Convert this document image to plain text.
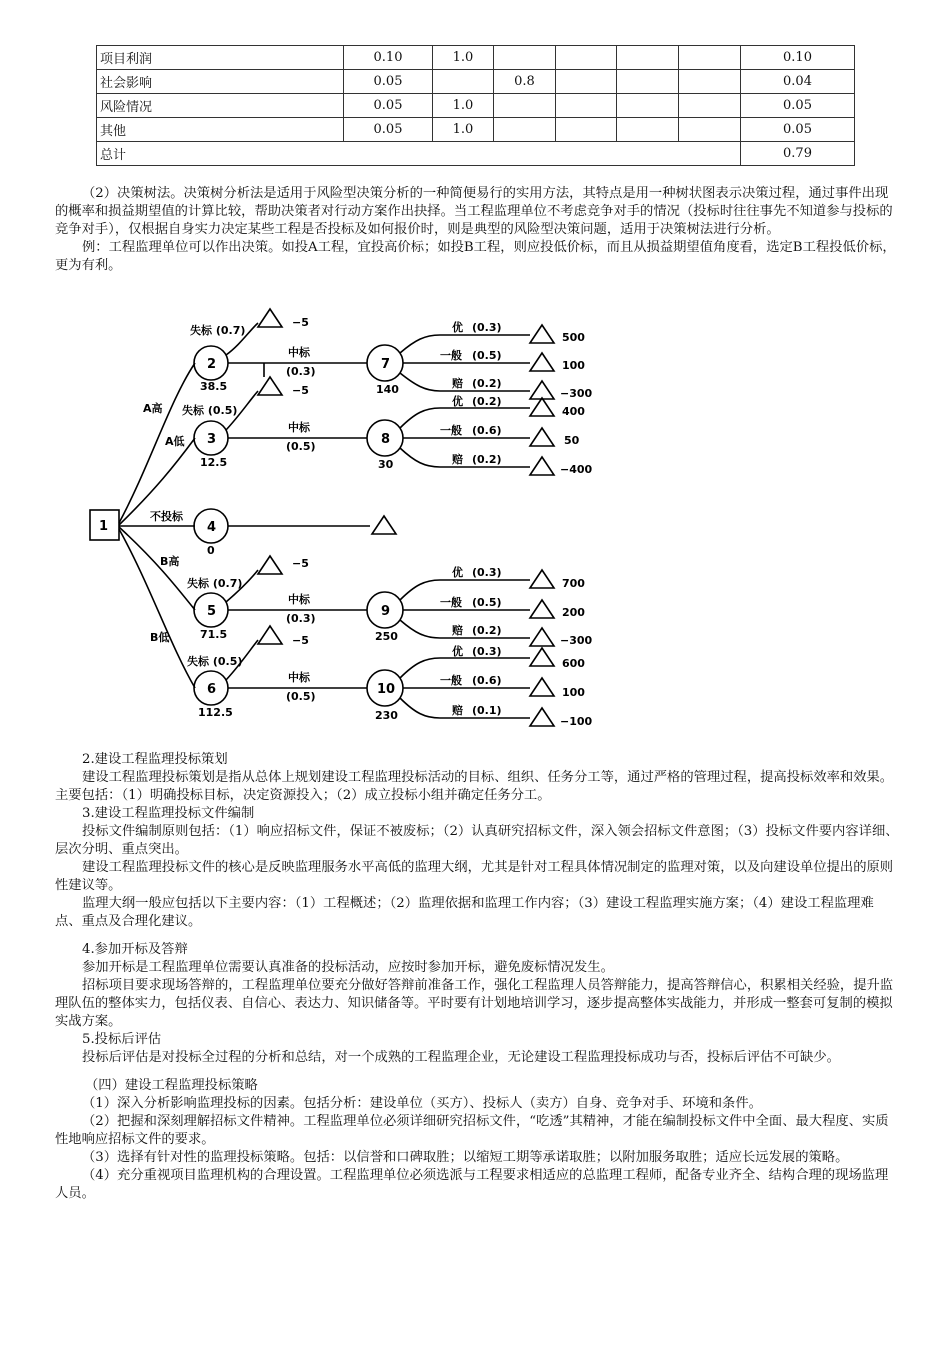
项目利润	0.10	1.0					0.10
社会影响	0.05		0.8				0.04
风险情况	0.05	1.0					0.05
其他	0.05	1.0					0.05
总计							0.79

（2）决策树法。决策树分析法是适用于风险型决策分析的一种简便易行的实用方法，其特点是用一种树状图表示决策过程，通过事件出现的概率和损益期望值的计算比较，帮助决策者对行动方案作出抉择。当工程监理单位不考虑竞争对手的情况（投标时往往事先不知道参与投标的竞争对手），仅根据自身实力决定某些工程是否投标及如何报价时，则是典型的风险型决策问题，适用于决策树法进行分析。

例：工程监理单位可以作出决策。如投A工程，宜投高价标；如投B工程，则应投低价标，而且从损益期望值角度看，选定B工程投低价标，更为有利。

1
2
3
4
5
6
7
8
9
10
38.5
12.5
0
71.5
112.5
140
30
250
230
A高
A低
不投标
B高
B低
失标 (0.7)
失标 (0.5)
失标 (0.7)
失标 (0.5)
−5
−5
−5
−5
中标
(0.3)
中标
(0.5)
中标
(0.3)
中标
(0.5)
优 (0.3)
一般 (0.5)
赔 (0.2)
优 (0.2)
一般 (0.6)
赔 (0.2)
优 (0.3)
一般 (0.5)
赔 (0.2)
优 (0.3)
一般 (0.6)
赔 (0.1)
500
100
−300
400
50
−400
700
200
−300
600
100
−100

2.建设工程监理投标策划

建设工程监理投标策划是指从总体上规划建设工程监理投标活动的目标、组织、任务分工等，通过严格的管理过程，提高投标效率和效果。主要包括：（1）明确投标目标，决定资源投入；（2）成立投标小组并确定任务分工。

3.建设工程监理投标文件编制

投标文件编制原则包括：（1）响应招标文件，保证不被废标；（2）认真研究招标文件，深入领会招标文件意图；（3）投标文件要内容详细、层次分明、重点突出。

建设工程监理投标文件的核心是反映监理服务水平高低的监理大纲，尤其是针对工程具体情况制定的监理对策，以及向建设单位提出的原则性建议等。

监理大纲一般应包括以下主要内容：（1）工程概述；（2）监理依据和监理工作内容；（3）建设工程监理实施方案；（4）建设工程监理难点、重点及合理化建议。

4.参加开标及答辩

参加开标是工程监理单位需要认真准备的投标活动，应按时参加开标，避免废标情况发生。

招标项目要求现场答辩的，工程监理单位要充分做好答辩前准备工作，强化工程监理人员答辩能力，提高答辩信心，积累相关经验，提升监理队伍的整体实力，包括仪表、自信心、表达力、知识储备等。平时要有计划地培训学习，逐步提高整体实战能力，并形成一整套可复制的模拟实战方案。

5.投标后评估

投标后评估是对投标全过程的分析和总结，对一个成熟的工程监理企业，无论建设工程监理投标成功与否，投标后评估不可缺少。

（四）建设工程监理投标策略

（1）深入分析影响监理投标的因素。包括分析：建设单位（买方）、投标人（卖方）自身、竞争对手、环境和条件。

（2）把握和深刻理解招标文件精神。工程监理单位必须详细研究招标文件，“吃透”其精神，才能在编制投标文件中全面、最大程度、实质性地响应招标文件的要求。

（3）选择有针对性的监理投标策略。包括：以信誉和口碑取胜；以缩短工期等承诺取胜；以附加服务取胜；适应长远发展的策略。

（4）充分重视项目监理机构的合理设置。工程监理单位必须选派与工程要求相适应的总监理工程师，配备专业齐全、结构合理的现场监理人员。
